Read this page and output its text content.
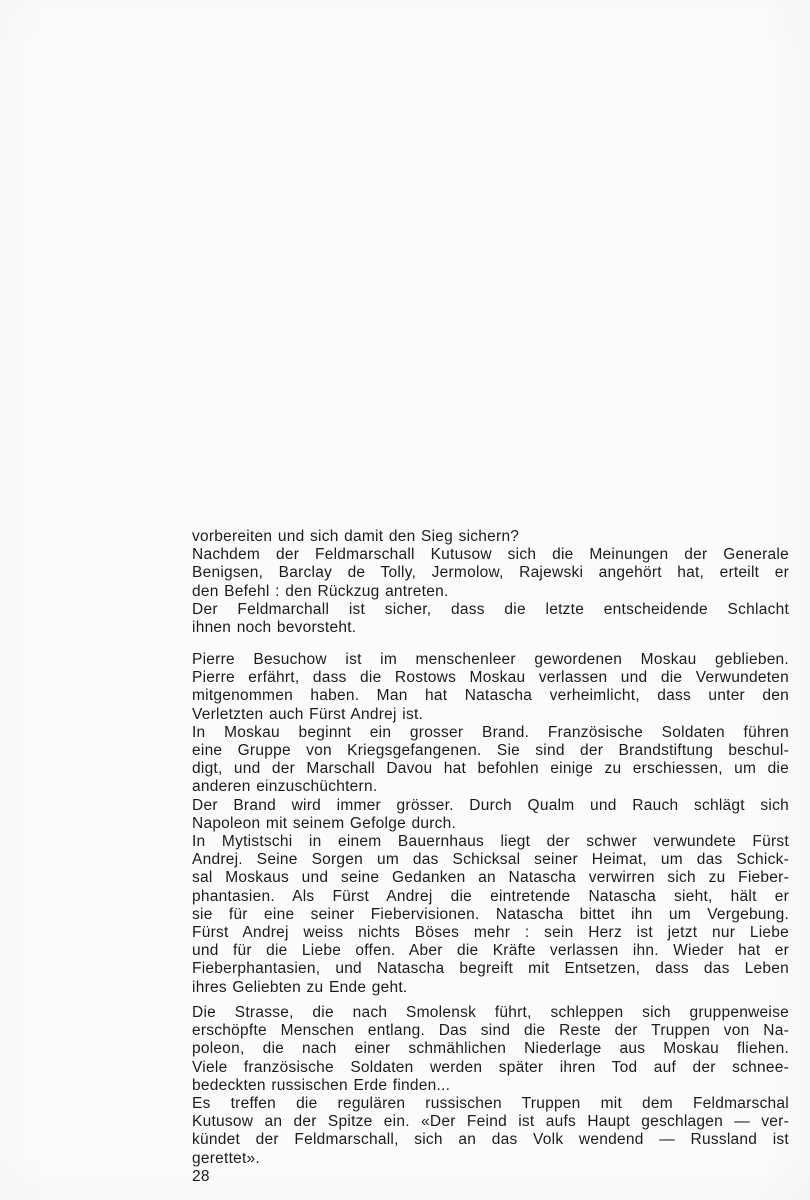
vorbereiten und sich damit den Sieg sichern?
Nachdem der Feldmarschall Kutusow sich die Meinungen der Generale
Benigsen, Barclay de Tolly, Jermolow, Rajewski angehört hat, erteilt er
den Befehl : den Rückzug antreten.
Der Feldmarchall ist sicher, dass die letzte entscheidende Schlacht
ihnen noch bevorsteht.
Pierre Besuchow ist im menschenleer gewordenen Moskau geblieben.
Pierre erfährt, dass die Rostows Moskau verlassen und die Verwundeten
mitgenommen haben. Man hat Natascha verheimlicht, dass unter den
Verletzten auch Fürst Andrej ist.
In Moskau beginnt ein grosser Brand. Französische Soldaten führen
eine Gruppe von Kriegsgefangenen. Sie sind der Brandstiftung beschul-
digt, und der Marschall Davou hat befohlen einige zu erschiessen, um die
anderen einzuschüchtern.
Der Brand wird immer grösser. Durch Qualm und Rauch schlägt sich
Napoleon mit seinem Gefolge durch.
In Mytistschi in einem Bauernhaus liegt der schwer verwundete Fürst
Andrej. Seine Sorgen um das Schicksal seiner Heimat, um das Schick-
sal Moskaus und seine Gedanken an Natascha verwirren sich zu Fieber-
phantasien. Als Fürst Andrej die eintretende Natascha sieht, hält er
sie für eine seiner Fiebervisionen. Natascha bittet ihn um Vergebung.
Fürst Andrej weiss nichts Böses mehr : sein Herz ist jetzt nur Liebe
und für die Liebe offen. Aber die Kräfte verlassen ihn. Wieder hat er
Fieberphantasien, und Natascha begreift mit Entsetzen, dass das Leben
ihres Geliebten zu Ende geht.
Die Strasse, die nach Smolensk führt, schleppen sich gruppenweise
erschöpfte Menschen entlang. Das sind die Reste der Truppen von Na-
poleon, die nach einer schmählichen Niederlage aus Moskau fliehen.
Viele französische Soldaten werden später ihren Tod auf der schnee-
bedeckten russischen Erde finden...
Es treffen die regulären russischen Truppen mit dem Feldmarschal
Kutusow an der Spitze ein. «Der Feind ist aufs Haupt geschlagen — ver-
kündet der Feldmarschall, sich an das Volk wendend — Russland ist
gerettet».
28
